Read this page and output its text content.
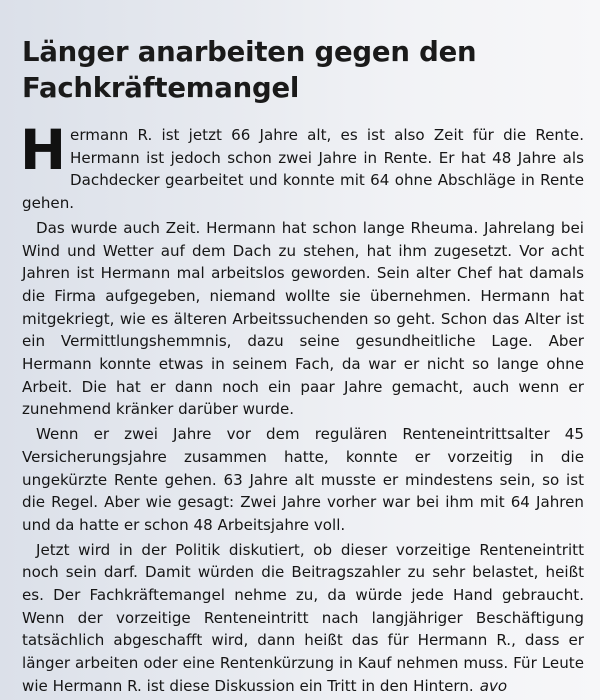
Länger anarbeiten gegen den
Fachkräftemangel

Hermann R. ist jetzt 66 Jahre alt, es ist also Zeit für die Rente. Hermann ist jedoch schon zwei Jahre in Rente. Er hat 48 Jahre als Dachdecker gearbeitet und konnte mit 64 ohne Abschläge in Rente gehen.

Das wurde auch Zeit. Hermann hat schon lange Rheuma. Jahrelang bei Wind und Wetter auf dem Dach zu stehen, hat ihm zugesetzt. Vor acht Jahren ist Hermann mal arbeitslos geworden. Sein alter Chef hat damals die Firma aufgegeben, niemand wollte sie übernehmen. Hermann hat mitgekriegt, wie es älteren Arbeitssuchenden so geht. Schon das Alter ist ein Vermittlungshemmnis, dazu seine gesundheitliche Lage. Aber Hermann konnte etwas in seinem Fach, da war er nicht so lange ohne Arbeit. Die hat er dann noch ein paar Jahre gemacht, auch wenn er zunehmend kränker darüber wurde.

Wenn er zwei Jahre vor dem regulären Renteneintrittsalter 45 Versicherungsjahre zusammen hatte, konnte er vorzeitig in die ungekürzte Rente gehen. 63 Jahre alt musste er mindestens sein, so ist die Regel. Aber wie gesagt: Zwei Jahre vorher war bei ihm mit 64 Jahren und da hatte er schon 48 Arbeitsjahre voll.

Jetzt wird in der Politik diskutiert, ob dieser vorzeitige Renteneintritt noch sein darf. Damit würden die Beitragszahler zu sehr belastet, heißt es. Der Fachkräftemangel nehme zu, da würde jede Hand gebraucht. Wenn der vorzeitige Renteneintritt nach langjähriger Beschäftigung tatsächlich abgeschafft wird, dann heißt das für Hermann R., dass er länger arbeiten oder eine Rentenkürzung in Kauf nehmen muss. Für Leute wie Hermann R. ist diese Diskussion ein Tritt in den Hintern. avo
